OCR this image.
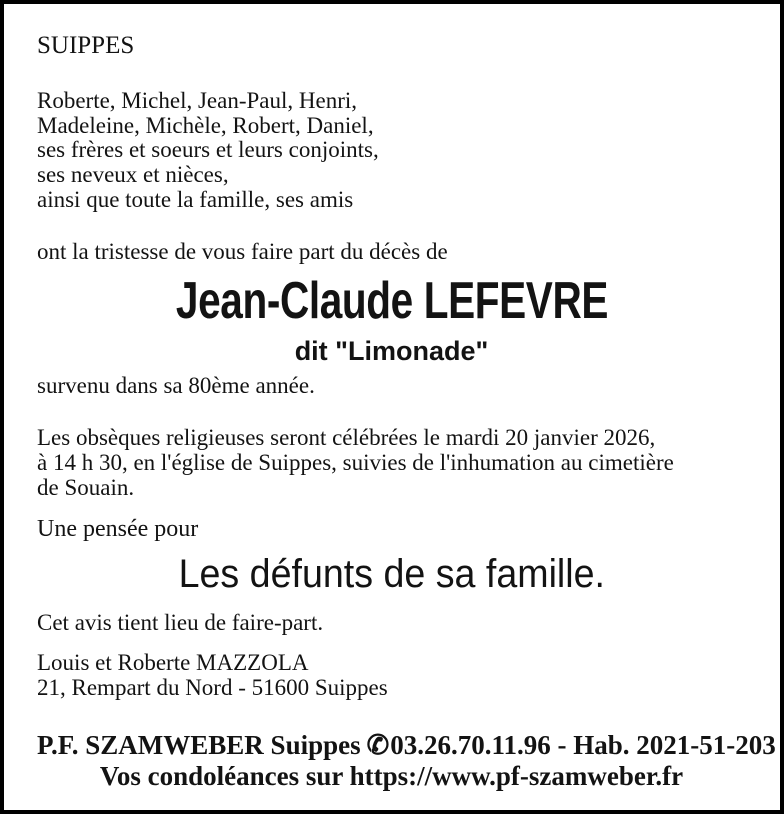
SUIPPES
Roberte, Michel, Jean-Paul, Henri,
Madeleine, Michèle, Robert, Daniel,
ses frères et soeurs et leurs conjoints,
ses neveux et nièces,
ainsi que toute la famille, ses amis
ont la tristesse de vous faire part du décès de
Jean-Claude LEFEVRE
dit "Limonade"
survenu dans sa 80ème année.
Les obsèques religieuses seront célébrées le mardi 20 janvier 2026,
à 14 h 30, en l'église de Suippes, suivies de l'inhumation au cimetière
de Souain.
Une pensée pour
Les défunts de sa famille.
Cet avis tient lieu de faire-part.
Louis et Roberte MAZZOLA
21, Rempart du Nord - 51600 Suippes
P.F. SZAMWEBER Suippes ✆03.26.70.11.96 - Hab. 2021-51-203
Vos condoléances sur https://www.pf-szamweber.fr
